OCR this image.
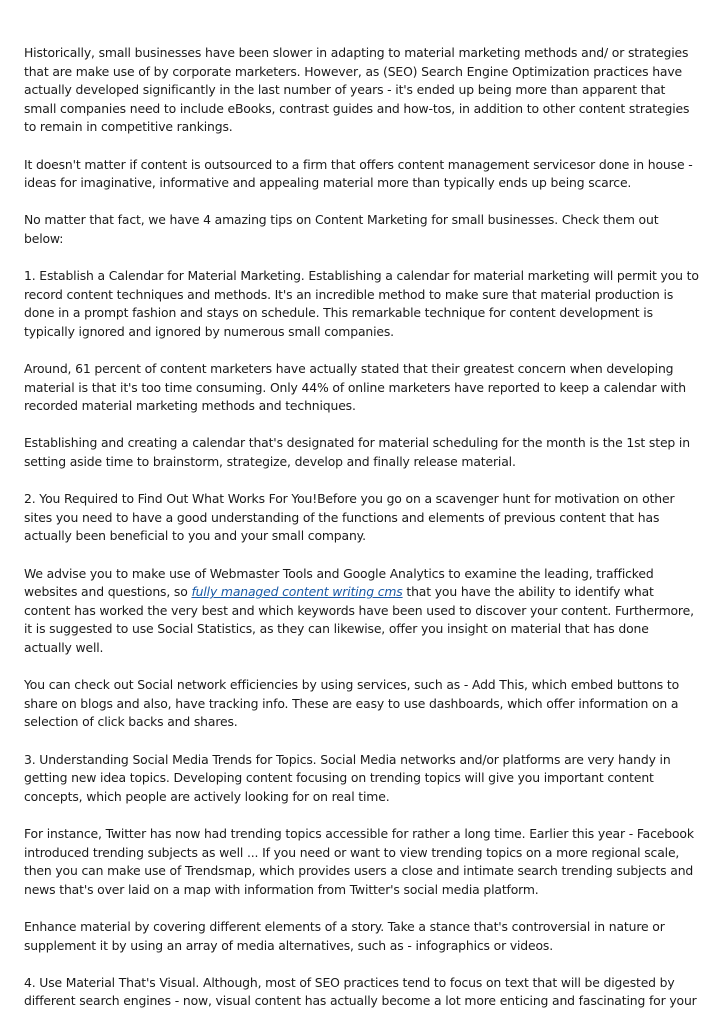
Historically, small businesses have been slower in adapting to material marketing methods and/ or strategies that are make use of by corporate marketers. However, as (SEO) Search Engine Optimization practices have actually developed significantly in the last number of years - it's ended up being more than apparent that small companies need to include eBooks, contrast guides and how-tos, in addition to other content strategies to remain in competitive rankings.

It doesn't matter if content is outsourced to a firm that offers content management servicesor done in house - ideas for imaginative, informative and appealing material more than typically ends up being scarce.

No matter that fact, we have 4 amazing tips on Content Marketing for small businesses. Check them out below:

1. Establish a Calendar for Material Marketing. Establishing a calendar for material marketing will permit you to record content techniques and methods. It's an incredible method to make sure that material production is done in a prompt fashion and stays on schedule. This remarkable technique for content development is typically ignored and ignored by numerous small companies.

Around, 61 percent of content marketers have actually stated that their greatest concern when developing material is that it's too time consuming. Only 44% of online marketers have reported to keep a calendar with recorded material marketing methods and techniques.

Establishing and creating a calendar that's designated for material scheduling for the month is the 1st step in setting aside time to brainstorm, strategize, develop and finally release material.

2. You Required to Find Out What Works For You!Before you go on a scavenger hunt for motivation on other sites you need to have a good understanding of the functions and elements of previous content that has actually been beneficial to you and your small company.

We advise you to make use of Webmaster Tools and Google Analytics to examine the leading, trafficked websites and questions, so fully managed content writing cms that you have the ability to identify what content has worked the very best and which keywords have been used to discover your content. Furthermore, it is suggested to use Social Statistics, as they can likewise, offer you insight on material that has done actually well.

You can check out Social network efficiencies by using services, such as - Add This, which embed buttons to share on blogs and also, have tracking info. These are easy to use dashboards, which offer information on a selection of click backs and shares.

3. Understanding Social Media Trends for Topics. Social Media networks and/or platforms are very handy in getting new idea topics. Developing content focusing on trending topics will give you important content concepts, which people are actively looking for on real time.

For instance, Twitter has now had trending topics accessible for rather a long time. Earlier this year - Facebook introduced trending subjects as well ... If you need or want to view trending topics on a more regional scale, then you can make use of Trendsmap, which provides users a close and intimate search trending subjects and news that's over laid on a map with information from Twitter's social media platform.

Enhance material by covering different elements of a story. Take a stance that's controversial in nature or supplement it by using an array of media alternatives, such as - infographics or videos.

4. Use Material That's Visual. Although, most of SEO practices tend to focus on text that will be digested by different search engines - now, visual content has actually become a lot more enticing and fascinating for your
